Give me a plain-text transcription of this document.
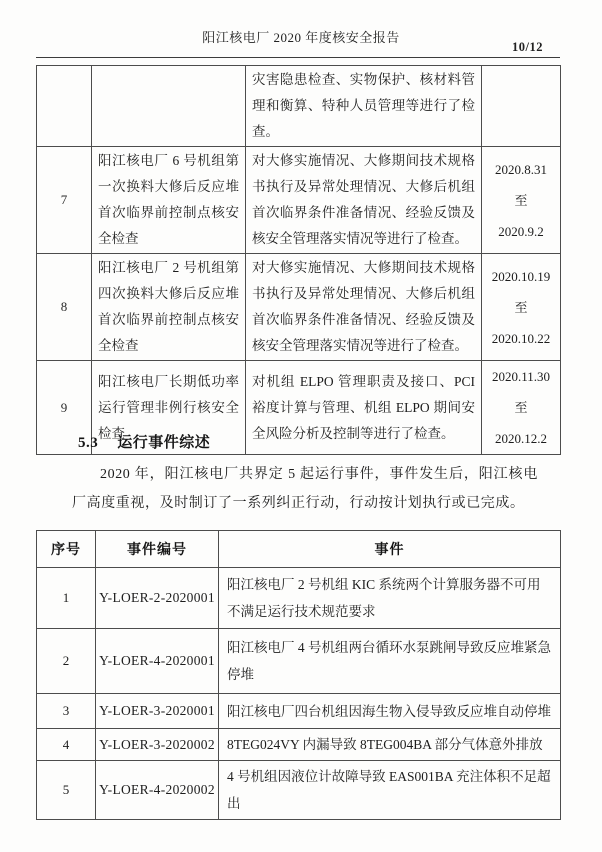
阳江核电厂 2020 年度核安全报告
10/12
		灾害隐患检查、实物保护、核材料管理和衡算、特种人员管理等进行了检查。	
7	阳江核电厂 6 号机组第一次换料大修后反应堆首次临界前控制点核安全检查	对大修实施情况、大修期间技术规格书执行及异常处理情况、大修后机组首次临界条件准备情况、经验反馈及核安全管理落实情况等进行了检查。	2020.8.31
至
2020.9.2

8	阳江核电厂 2 号机组第四次换料大修后反应堆首次临界前控制点核安全检查	对大修实施情况、大修期间技术规格书执行及异常处理情况、大修后机组首次临界条件准备情况、经验反馈及核安全管理落实情况等进行了检查。	2020.10.19
至
2020.10.22

9	阳江核电厂长期低功率运行管理非例行核安全检查	对机组 ELPO 管理职责及接口、PCI 裕度计算与管理、机组 ELPO 期间安全风险分析及控制等进行了检查。	2020.11.30
至
2020.12.2
5.3 运行事件综述

2020 年，阳江核电厂共界定 5 起运行事件，事件发生后，阳江核电厂高度重视，及时制订了一系列纠正行动，行动按计划执行或已完成。

序号	事件编号	事件
1	Y-LOER-2-2020001	阳江核电厂 2 号机组 KIC 系统两个计算服务器不可用不满足运行技术规范要求
2	Y-LOER-4-2020001	阳江核电厂 4 号机组两台循环水泵跳闸导致反应堆紧急停堆
3	Y-LOER-3-2020001	阳江核电厂四台机组因海生物入侵导致反应堆自动停堆
4	Y-LOER-3-2020002	8TEG024VY 内漏导致 8TEG004BA 部分气体意外排放
5	Y-LOER-4-2020002	4 号机组因液位计故障导致 EAS001BA 充注体积不足超出
